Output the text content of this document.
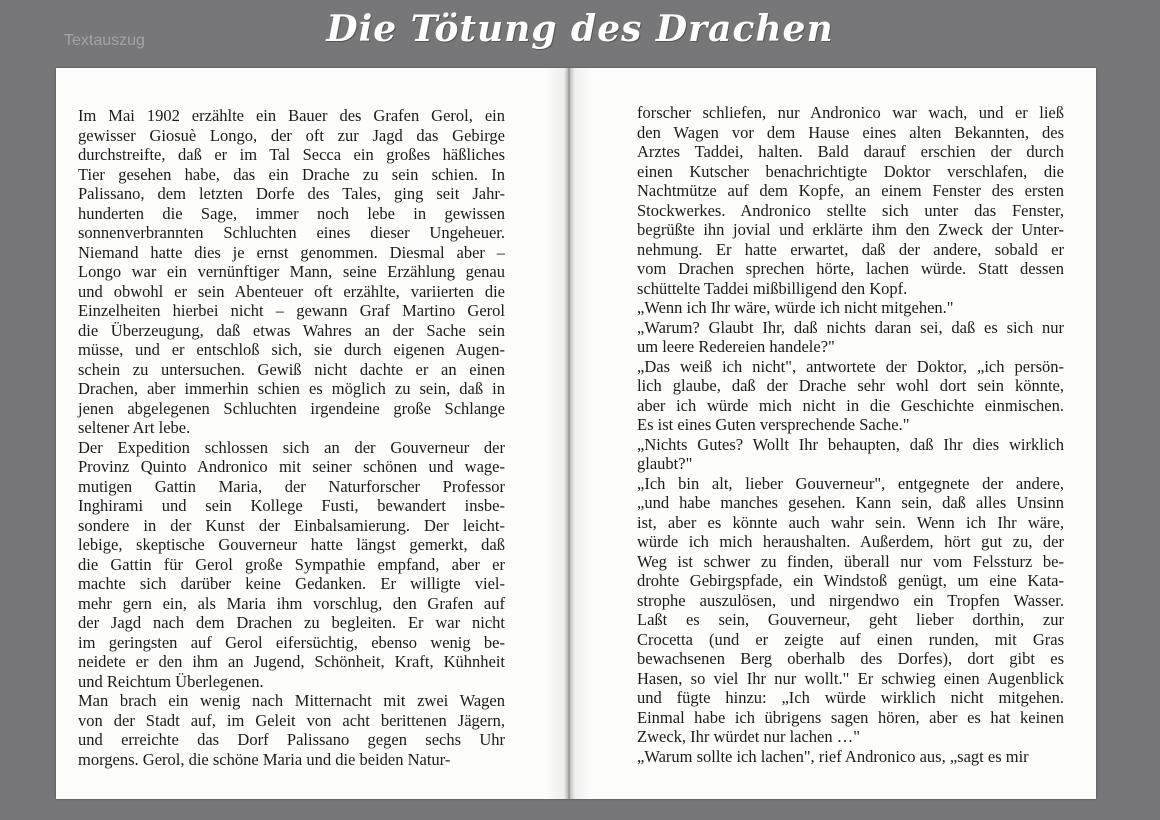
Textauszug	Die Tötung des Drachen
Im Mai 1902 erzählte ein Bauer des Grafen Gerol, ein
gewisser Giosuè Longo, der oft zur Jagd das Gebirge
durchstreifte, daß er im Tal Secca ein großes häßliches
Tier gesehen habe, das ein Drache zu sein schien. In
Palissano, dem letzten Dorfe des Tales, ging seit Jahr-
hunderten die Sage, immer noch lebe in gewissen
sonnenverbrannten Schluchten eines dieser Ungeheuer.
Niemand hatte dies je ernst genommen. Diesmal aber –
Longo war ein vernünftiger Mann, seine Erzählung genau
und obwohl er sein Abenteuer oft erzählte, variierten die
Einzelheiten hierbei nicht – gewann Graf Martino Gerol
die Überzeugung, daß etwas Wahres an der Sache sein
müsse, und er entschloß sich, sie durch eigenen Augen-
schein zu untersuchen. Gewiß nicht dachte er an einen
Drachen, aber immerhin schien es möglich zu sein, daß in
jenen abgelegenen Schluchten irgendeine große Schlange
seltener Art lebe.
Der Expedition schlossen sich an der Gouverneur der
Provinz Quinto Andronico mit seiner schönen und wage-
mutigen Gattin Maria, der Naturforscher Professor
Inghirami und sein Kollege Fusti, bewandert insbe-
sondere in der Kunst der Einbalsamierung. Der leicht-
lebige, skeptische Gouverneur hatte längst gemerkt, daß
die Gattin für Gerol große Sympathie empfand, aber er
machte sich darüber keine Gedanken. Er willigte viel-
mehr gern ein, als Maria ihm vorschlug, den Grafen auf
der Jagd nach dem Drachen zu begleiten. Er war nicht
im geringsten auf Gerol eifersüchtig, ebenso wenig be-
neidete er den ihm an Jugend, Schönheit, Kraft, Kühnheit
und Reichtum Überlegenen.
Man brach ein wenig nach Mitternacht mit zwei Wagen
von der Stadt auf, im Geleit von acht berittenen Jägern,
und erreichte das Dorf Palissano gegen sechs Uhr
morgens. Gerol, die schöne Maria und die beiden Natur-
forscher schliefen, nur Andronico war wach, und er ließ
den Wagen vor dem Hause eines alten Bekannten, des
Arztes Taddei, halten. Bald darauf erschien der durch
einen Kutscher benachrichtigte Doktor verschlafen, die
Nachtmütze auf dem Kopfe, an einem Fenster des ersten
Stockwerkes. Andronico stellte sich unter das Fenster,
begrüßte ihn jovial und erklärte ihm den Zweck der Unter-
nehmung. Er hatte erwartet, daß der andere, sobald er
vom Drachen sprechen hörte, lachen würde. Statt dessen
schüttelte Taddei mißbilligend den Kopf.
„Wenn ich Ihr wäre, würde ich nicht mitgehen."
„Warum? Glaubt Ihr, daß nichts daran sei, daß es sich nur
um leere Redereien handele?"
„Das weiß ich nicht", antwortete der Doktor, „ich persön-
lich glaube, daß der Drache sehr wohl dort sein könnte,
aber ich würde mich nicht in die Geschichte einmischen.
Es ist eines Guten versprechende Sache."
„Nichts Gutes? Wollt Ihr behaupten, daß Ihr dies wirklich
glaubt?"
„Ich bin alt, lieber Gouverneur", entgegnete der andere,
„und habe manches gesehen. Kann sein, daß alles Unsinn
ist, aber es könnte auch wahr sein. Wenn ich Ihr wäre,
würde ich mich heraushalten. Außerdem, hört gut zu, der
Weg ist schwer zu finden, überall nur vom Felssturz be-
drohte Gebirgspfade, ein Windstoß genügt, um eine Kata-
strophe auszulösen, und nirgendwo ein Tropfen Wasser.
Laßt es sein, Gouverneur, geht lieber dorthin, zur
Crocetta (und er zeigte auf einen runden, mit Gras
bewachsenen Berg oberhalb des Dorfes), dort gibt es
Hasen, so viel Ihr nur wollt." Er schwieg einen Augenblick
und fügte hinzu: „Ich würde wirklich nicht mitgehen.
Einmal habe ich übrigens sagen hören, aber es hat keinen
Zweck, Ihr würdet nur lachen …"
„Warum sollte ich lachen", rief Andronico aus, „sagt es mir
